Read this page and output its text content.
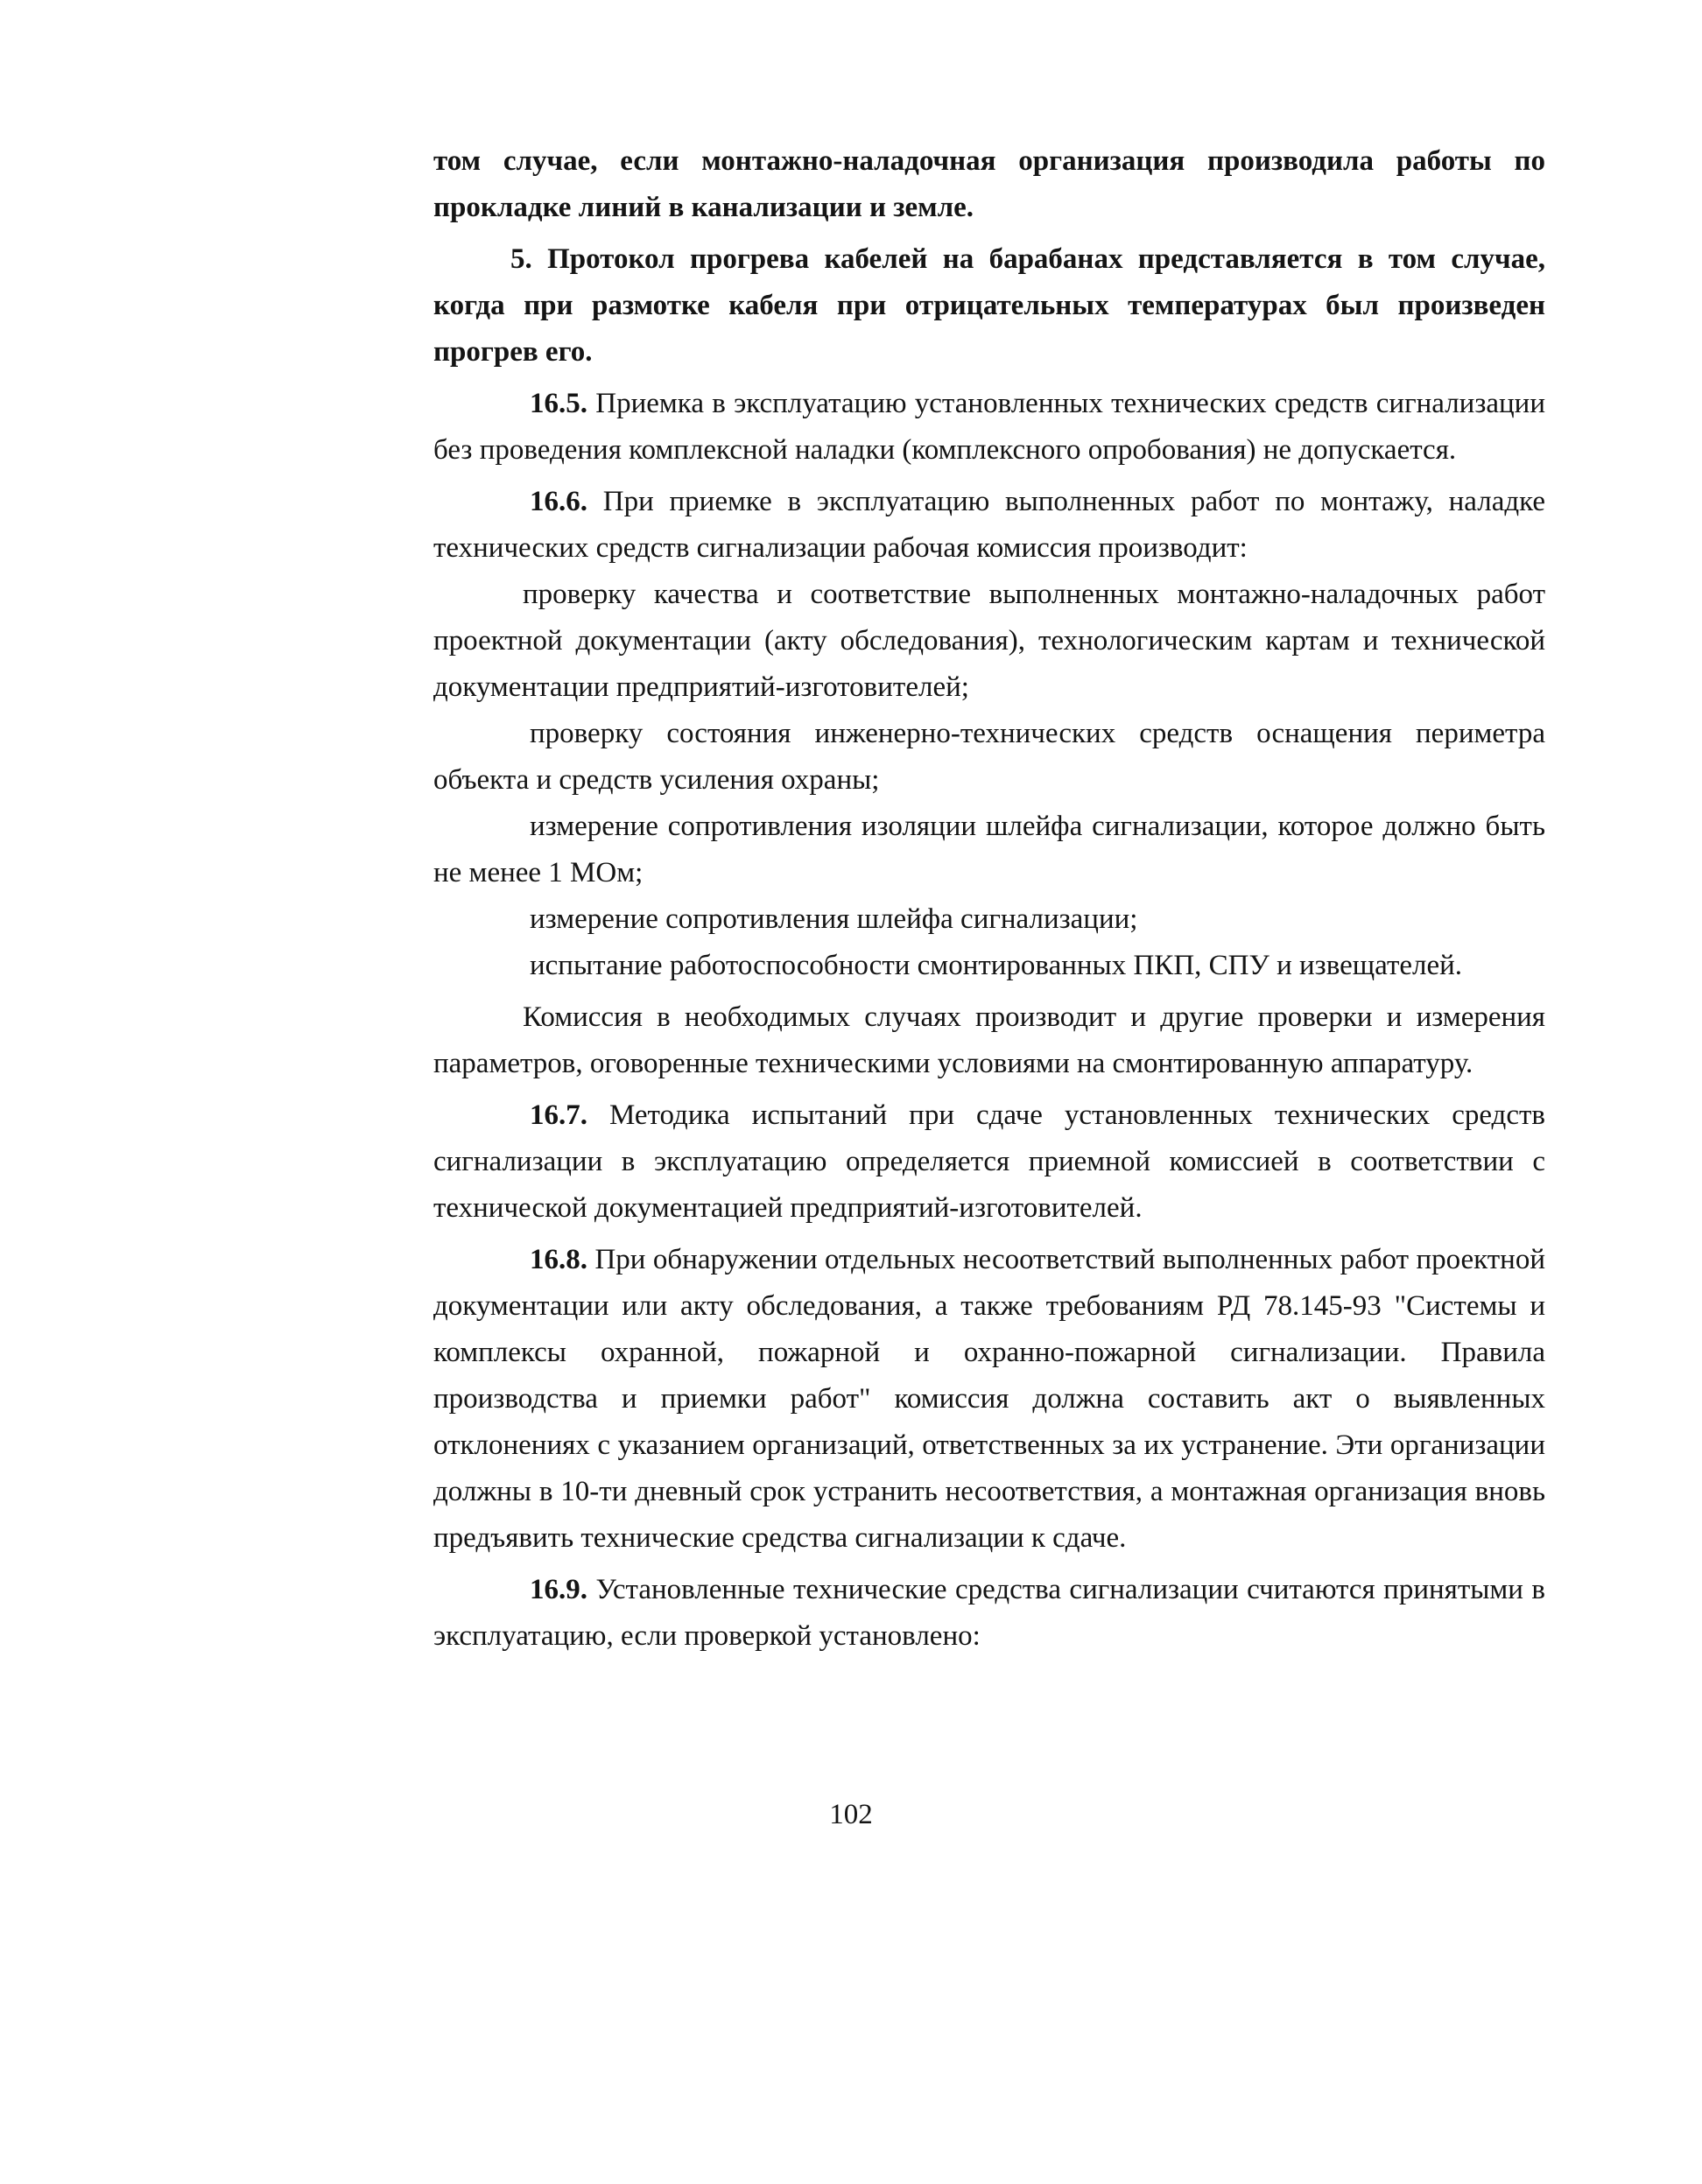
том случае, если монтажно-наладочная организация производила работы по прокладке линий в канализации и земле.

5. Протокол прогрева кабелей на барабанах представляется в том случае, когда при размотке кабеля при отрицательных температурах был произведен прогрев его.

16.5. Приемка в эксплуатацию установленных технических средств сигнализации без проведения комплексной наладки (комплексного опробования) не допускается.

16.6. При приемке в эксплуатацию выполненных работ по монтажу, наладке технических средств сигнализации рабочая комиссия производит:

проверку качества и соответствие выполненных монтажно-наладочных работ проектной документации (акту обследования), технологическим картам и технической документации предприятий-изготовителей;

проверку состояния инженерно-технических средств оснащения периметра объекта и средств усиления охраны;

измерение сопротивления изоляции шлейфа сигнализации, которое должно быть не менее 1 МОм;

измерение сопротивления шлейфа сигнализации;

испытание работоспособности смонтированных ПКП, СПУ и извещателей.

Комиссия в необходимых случаях производит и другие проверки и измерения параметров, оговоренные техническими условиями на смонтированную аппаратуру.

16.7. Методика испытаний при сдаче установленных технических средств сигнализации в эксплуатацию определяется приемной комиссией в соответствии с технической документацией предприятий-изготовителей.

16.8. При обнаружении отдельных несоответствий выполненных работ проектной документации или акту обследования, а также требованиям РД 78.145-93 "Системы и комплексы охранной, пожарной и охранно-пожарной сигнализации. Правила производства и приемки работ" комиссия должна составить акт о выявленных отклонениях с указанием организаций, ответственных за их устранение. Эти организации должны в 10-ти дневный срок устранить несоответствия, а монтажная организация вновь предъявить технические средства сигнализации к сдаче.

16.9. Установленные технические средства сигнализации считаются принятыми в эксплуатацию, если проверкой установлено:

102
